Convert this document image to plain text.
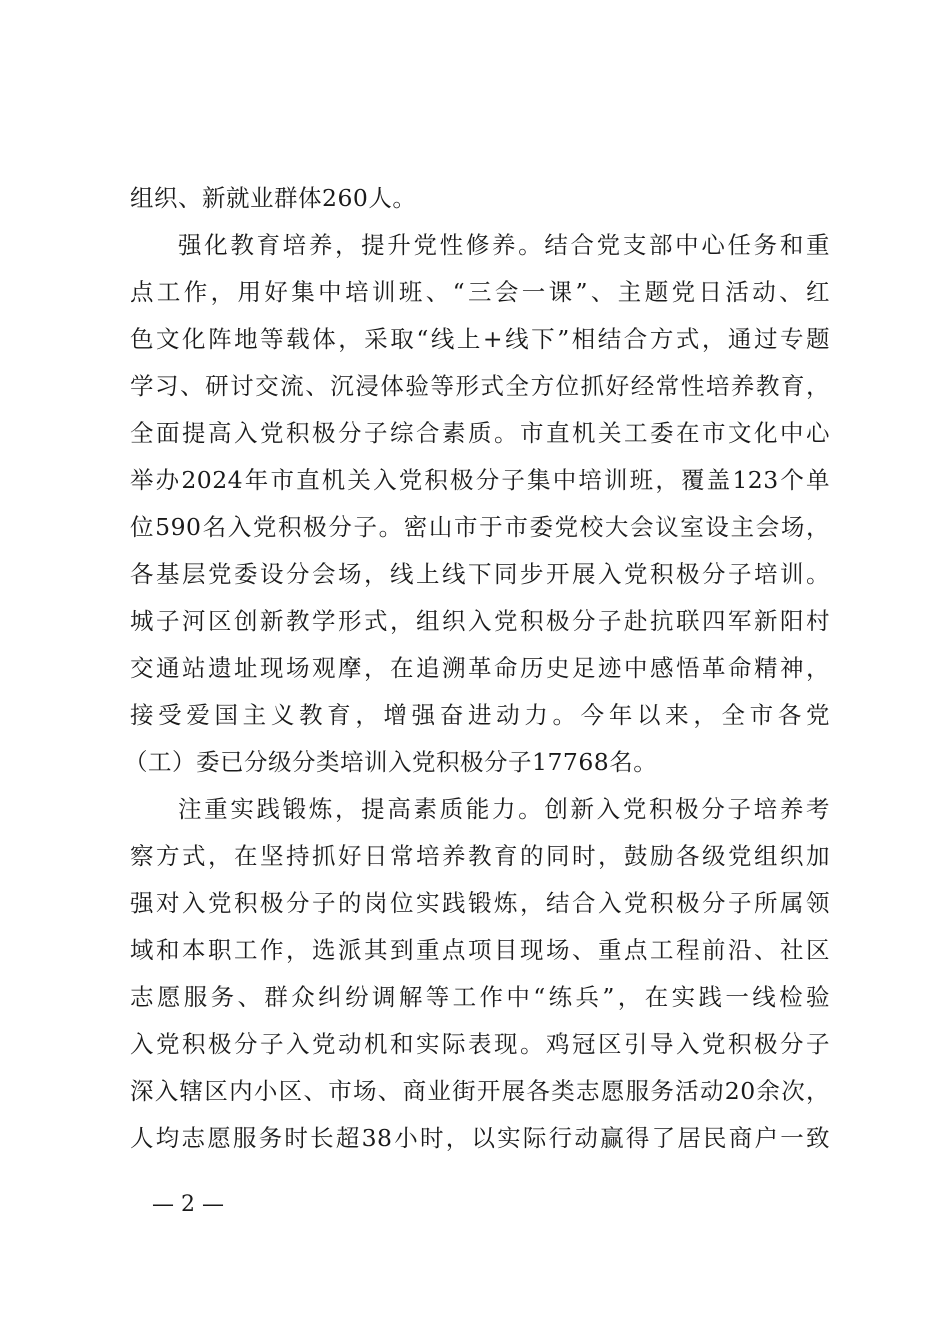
组织、新就业群体260人。
强化教育培养，提升党性修养。结合党支部中心任务和重
点工作，用好集中培训班、“三会一课”、主题党日活动、红
色文化阵地等载体，采取“线上+线下”相结合方式，通过专题
学习、研讨交流、沉浸体验等形式全方位抓好经常性培养教育，
全面提高入党积极分子综合素质。市直机关工委在市文化中心
举办2024年市直机关入党积极分子集中培训班，覆盖123个单
位590名入党积极分子。密山市于市委党校大会议室设主会场，
各基层党委设分会场，线上线下同步开展入党积极分子培训。
城子河区创新教学形式，组织入党积极分子赴抗联四军新阳村
交通站遗址现场观摩，在追溯革命历史足迹中感悟革命精神，
接受爱国主义教育，增强奋进动力。今年以来，全市各党
（工）委已分级分类培训入党积极分子17768名。
注重实践锻炼，提高素质能力。创新入党积极分子培养考
察方式，在坚持抓好日常培养教育的同时，鼓励各级党组织加
强对入党积极分子的岗位实践锻炼，结合入党积极分子所属领
域和本职工作，选派其到重点项目现场、重点工程前沿、社区
志愿服务、群众纠纷调解等工作中“练兵”，在实践一线检验
入党积极分子入党动机和实际表现。鸡冠区引导入党积极分子
深入辖区内小区、市场、商业街开展各类志愿服务活动20余次，
人均志愿服务时长超38小时，以实际行动赢得了居民商户一致
— 2 —
